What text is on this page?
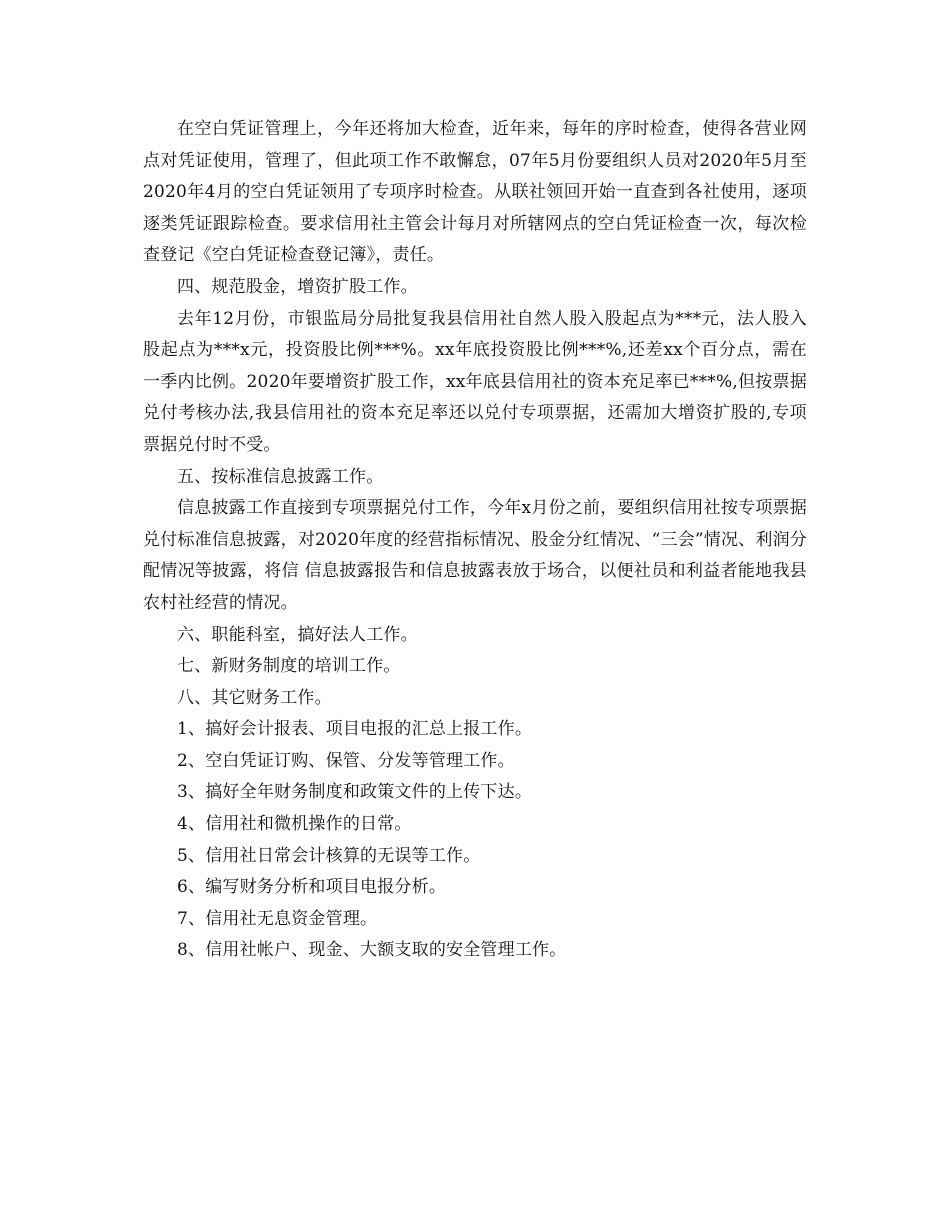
在空白凭证管理上，今年还将加大检查，近年来，每年的序时检查，使得各营业网点对凭证使用，管理了，但此项工作不敢懈怠，07年5月份要组织人员对2020年5月至2020年4月的空白凭证领用了专项序时检查。从联社领回开始一直查到各社使用，逐项逐类凭证跟踪检查。要求信用社主管会计每月对所辖网点的空白凭证检查一次，每次检查登记《空白凭证检查登记簿》，责任。

四、规范股金，增资扩股工作。

去年12月份，市银监局分局批复我县信用社自然人股入股起点为***元，法人股入股起点为***x元，投资股比例***%。xx年底投资股比例***%,还差xx个百分点，需在一季内比例。2020年要增资扩股工作，xx年底县信用社的资本充足率已***%,但按票据兑付考核办法,我县信用社的资本充足率还以兑付专项票据，还需加大增资扩股的,专项票据兑付时不受。

五、按标准信息披露工作。

信息披露工作直接到专项票据兑付工作，今年x月份之前，要组织信用社按专项票据兑付标准信息披露，对2020年度的经营指标情况、股金分红情况、“三会”情况、利润分配情况等披露，将信 信息披露报告和信息披露表放于场合，以便社员和利益者能地我县农村社经营的情况。

六、职能科室，搞好法人工作。

七、新财务制度的培训工作。

八、其它财务工作。

1、搞好会计报表、项目电报的汇总上报工作。

2、空白凭证订购、保管、分发等管理工作。

3、搞好全年财务制度和政策文件的上传下达。

4、信用社和微机操作的日常。

5、信用社日常会计核算的无误等工作。

6、编写财务分析和项目电报分析。

7、信用社无息资金管理。

8、信用社帐户、现金、大额支取的安全管理工作。
